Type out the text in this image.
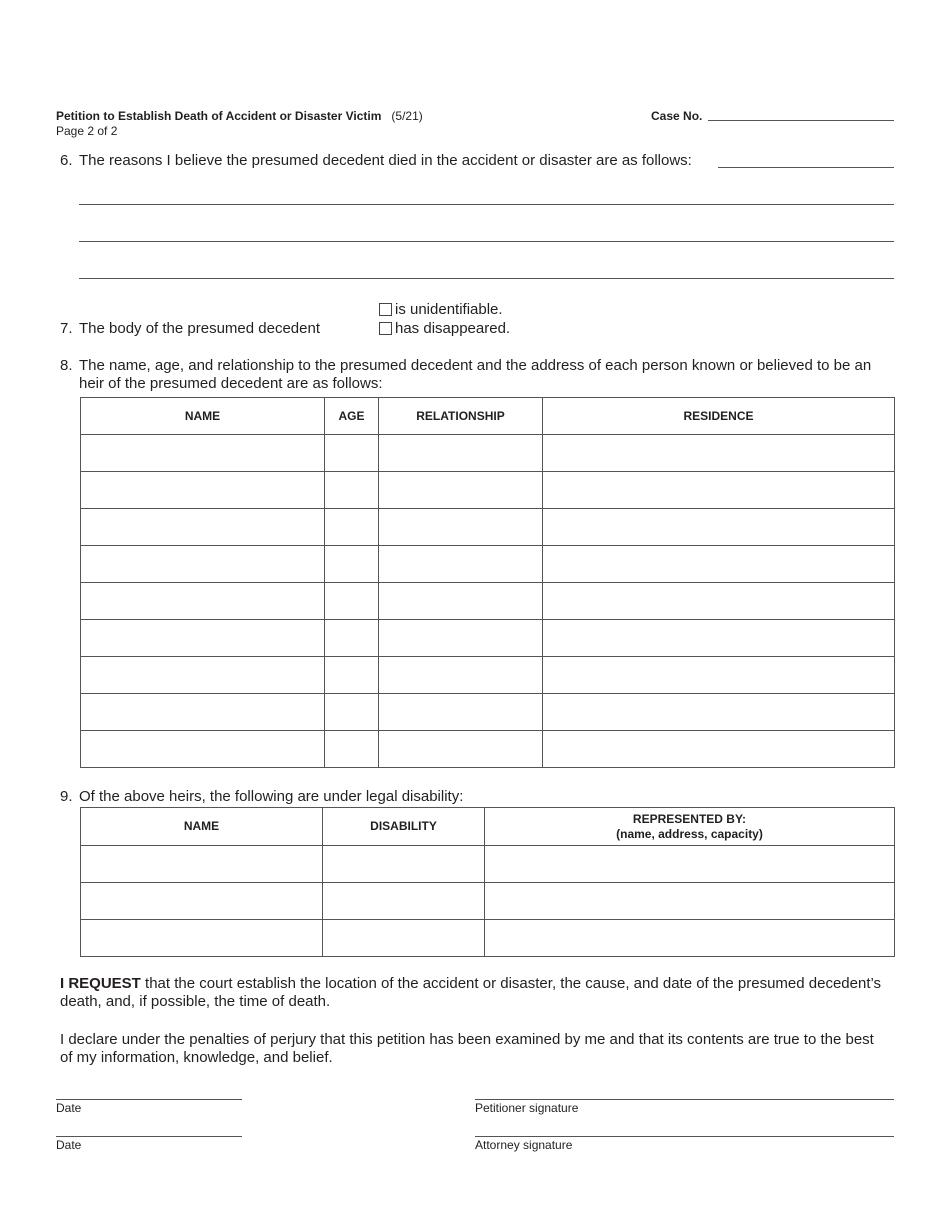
Petition to Establish Death of Accident or Disaster Victim (5/21)
Page 2 of 2
Case No.
6. The reasons I believe the presumed decedent died in the accident or disaster are as follows:
is unidentifiable.
7. The body of the presumed decedent	has disappeared.
8. The name, age, and relationship to the presumed decedent and the address of each person known or believed to be an
heir of the presumed decedent are as follows:
NAME	AGE	RELATIONSHIP	RESIDENCE

9. Of the above heirs, the following are under legal disability:
NAME	DISABILITY	REPRESENTED BY:
(name, address, capacity)

I REQUEST that the court establish the location of the accident or disaster, the cause, and date of the presumed decedent’s
death, and, if possible, the time of death.
I declare under the penalties of perjury that this petition has been examined by me and that its contents are true to the best
of my information, knowledge, and belief.
Date	Petitioner signature
Date	Attorney signature
